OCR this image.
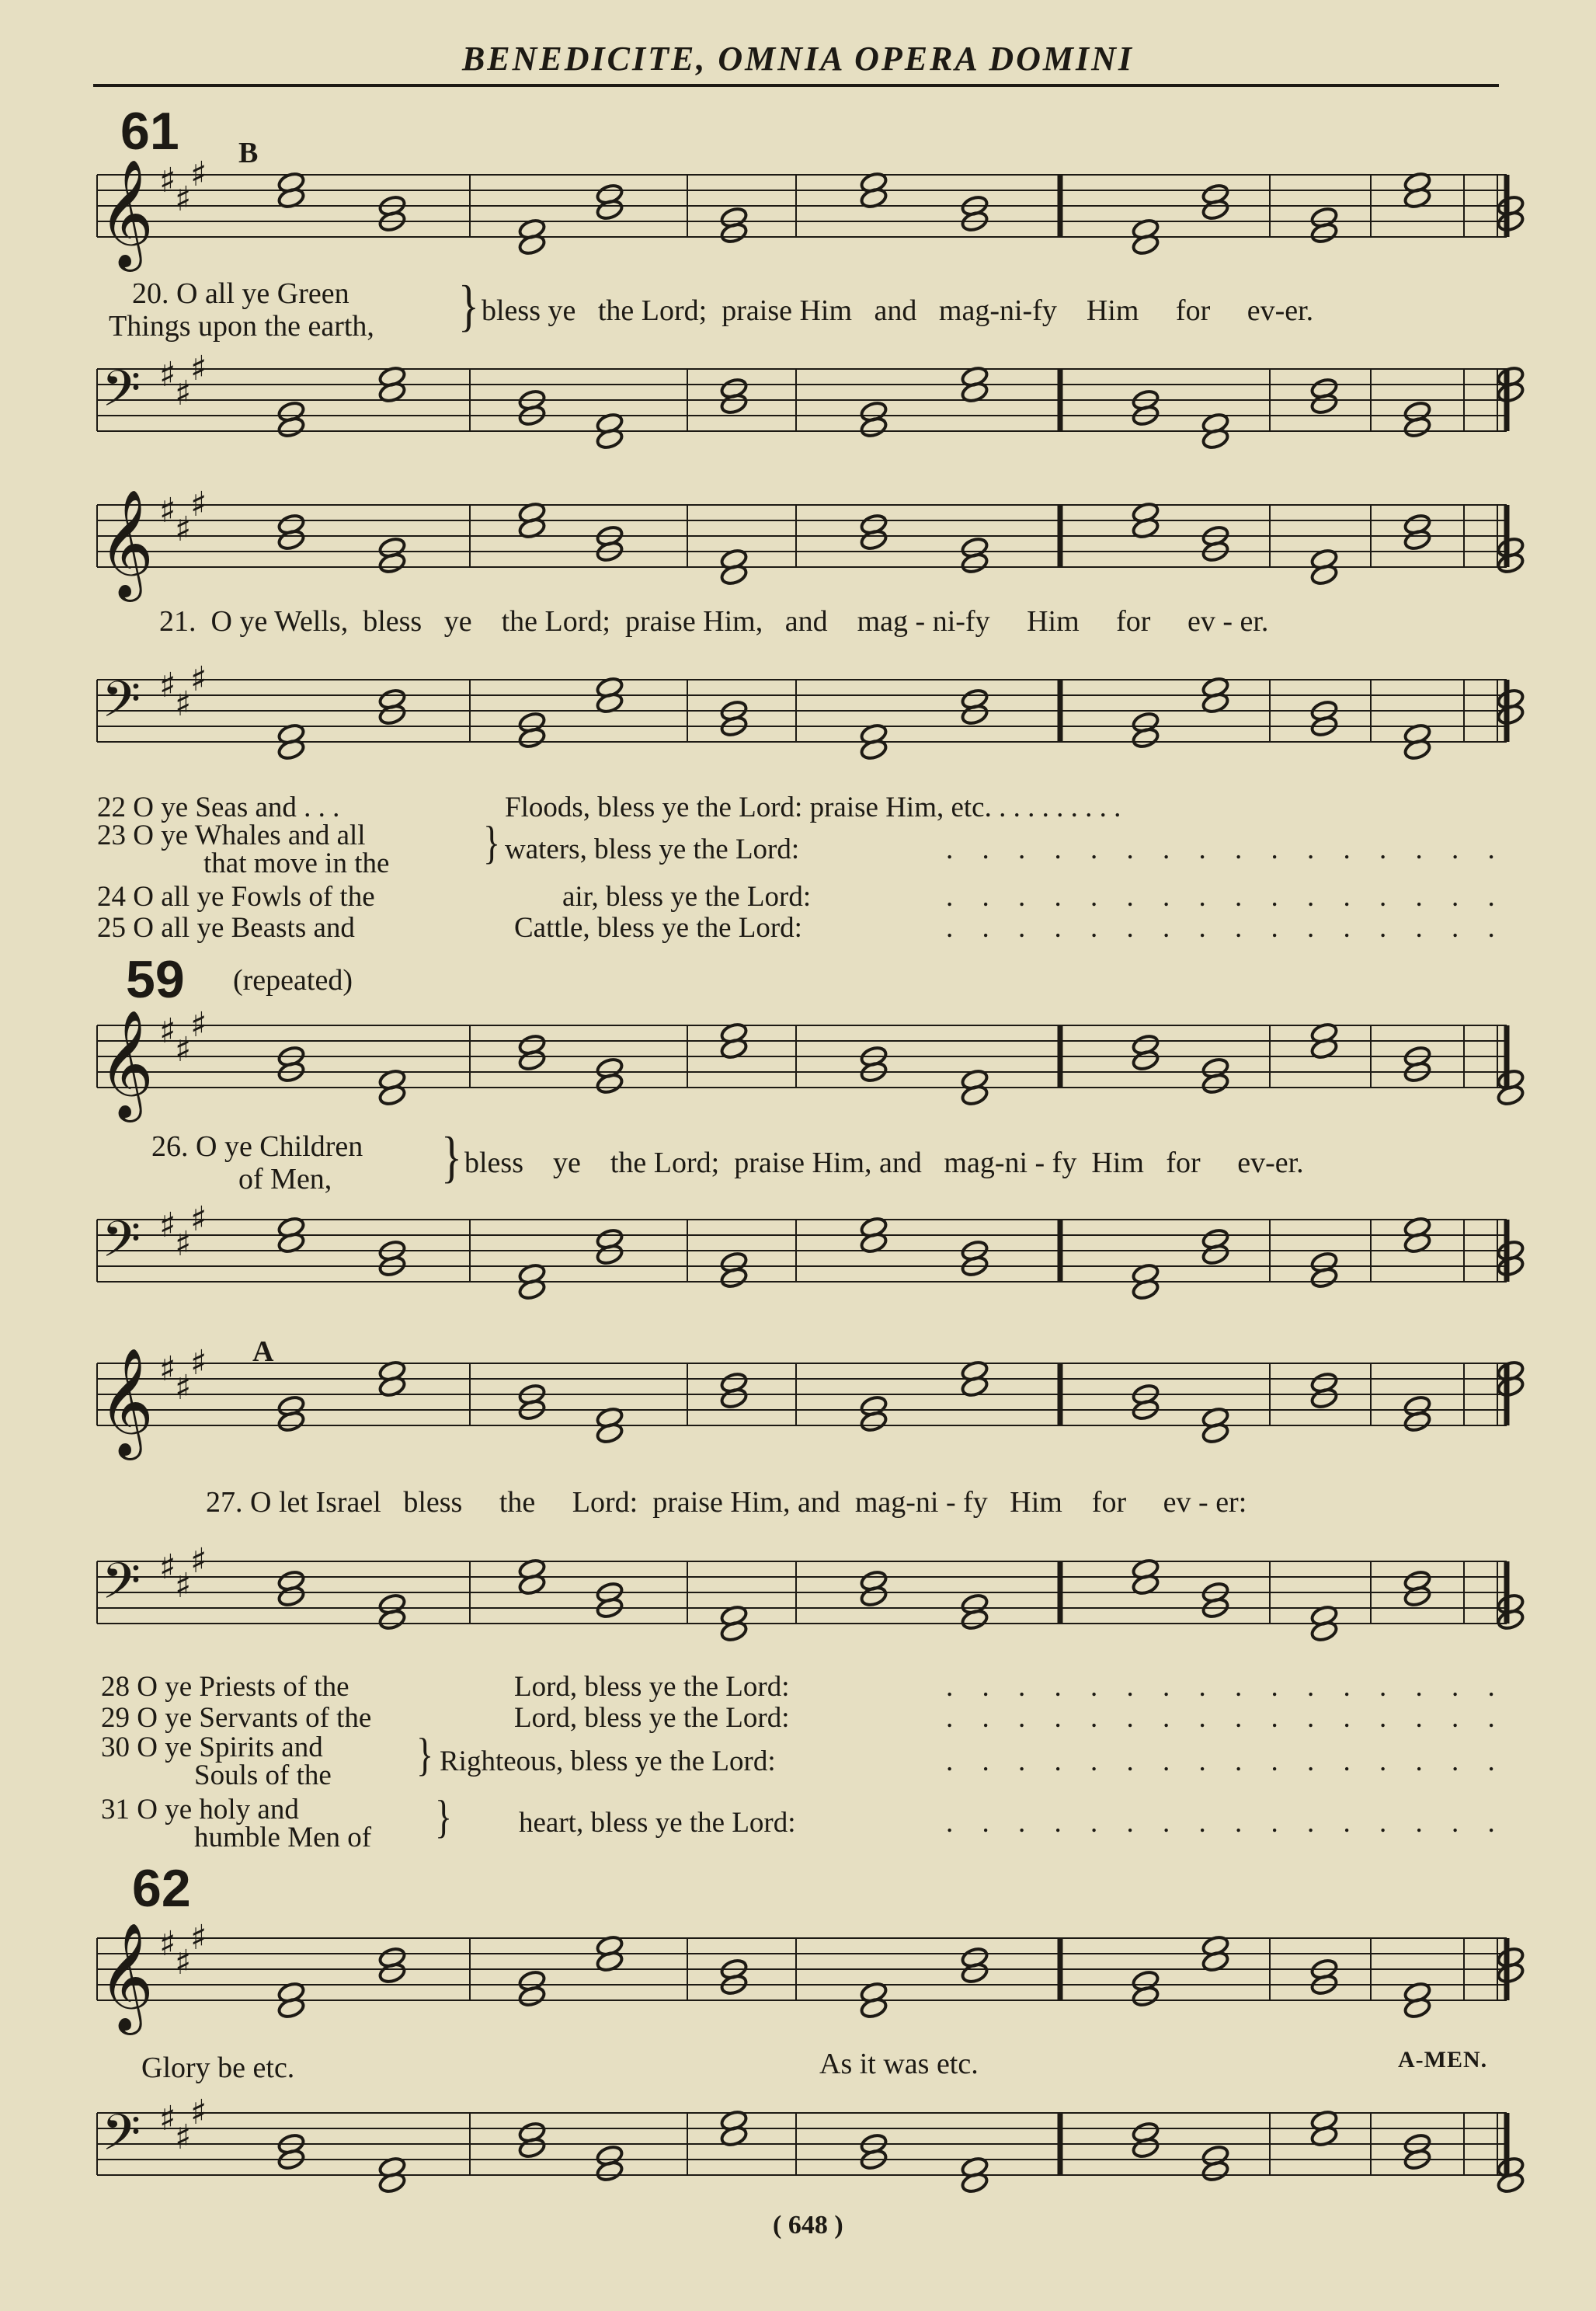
BENEDICITE, OMNIA OPERA DOMINI
61 B
20. O all ye Green
Things upon the earth, } bless ye the Lord; praise Him and mag-ni-fy Him for ev-er.
21. O ye Wells, bless ye the Lord; praise Him, and mag - ni-fy Him for ev - er.
22 O ye Seas and . . .	Floods, bless ye the Lord: praise Him, etc. . . . . . . . . .
23 O ye Whales and all
that move in the	} waters, bless ye the Lord:	. . . . . . . . . . . . . . . .
24 O all ye Fowls of the	air, bless ye the Lord:	. . . . . . . . . . . . . . . .
25 O all ye Beasts and	Cattle, bless ye the Lord:	. . . . . . . . . . . . . . . .
59 (repeated)
26. O ye Children
of Men,	} bless ye the Lord; praise Him, and mag-ni - fy Him for ev-er.
A
27. O let Israel bless the Lord: praise Him, and mag-ni - fy Him for ev - er:
28 O ye Priests of the	Lord, bless ye the Lord:	. . . . . . . . . . . . . . . .
29 O ye Servants of the	Lord, bless ye the Lord:	. . . . . . . . . . . . . . . .
30 O ye Spirits and
Souls of the } Righteous, bless ye the Lord:	. . . . . . . . . . . . . . . .
31 O ye holy and
humble Men of } heart, bless ye the Lord:	. . . . . . . . . . . . . . . .
62
Glory be etc.	As it was etc.	A-MEN.
( 648 )
𝄞 ♯
♯
♯
𝄢 ♯
♯
♯
𝄞 ♯
♯
♯
𝄢 ♯
♯
♯
𝄞 ♯
♯
♯
𝄢 ♯
♯
♯
𝄞 ♯
♯
♯
𝄢 ♯
♯
♯
𝄞 ♯
♯
♯
𝄢 ♯
♯
♯
